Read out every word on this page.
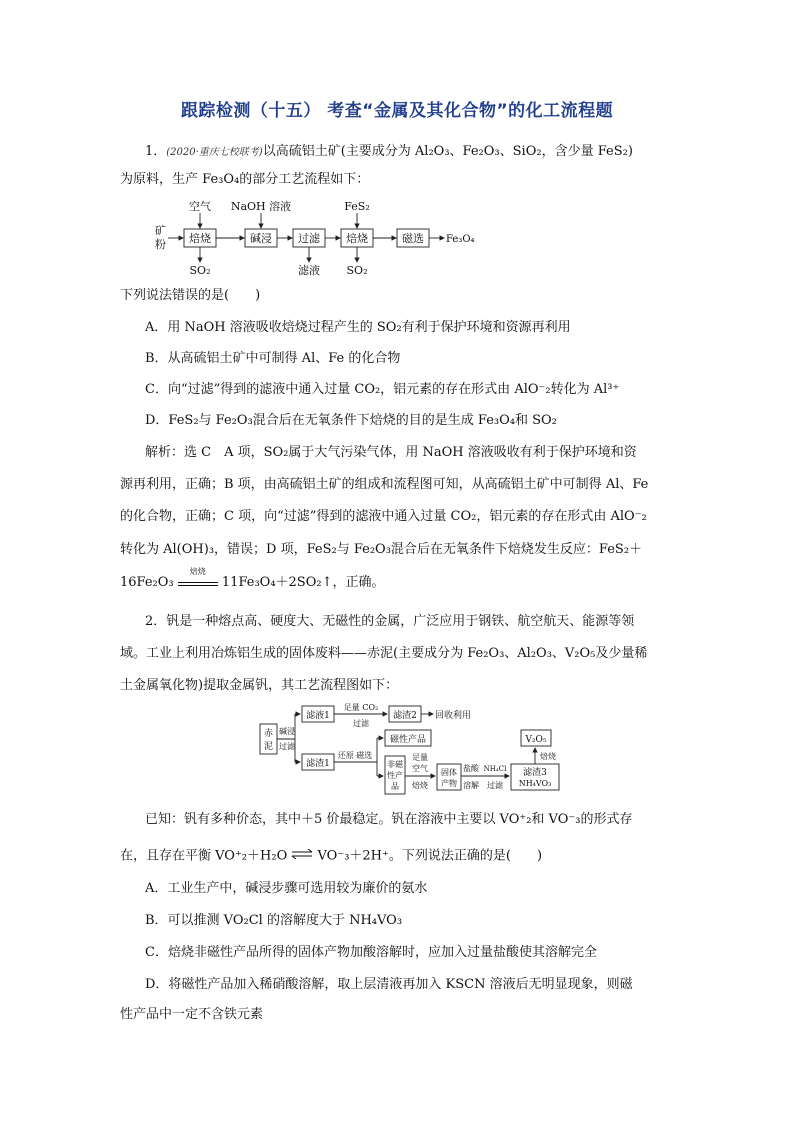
跟踪检测（十五） 考查“金属及其化合物”的化工流程题
1．(2020·重庆七校联考)以高硫铝土矿(主要成分为 Al₂O₃、Fe₂O₃、SiO₂，含少量 FeS₂)
为原料，生产 Fe₃O₄的部分工艺流程如下：
矿
粉 焙烧
空气
SO₂
碱浸
NaOH 溶液
过滤
滤液
焙烧
FeS₂
SO₂
磁选 Fe₃O₄
下列说法错误的是(　　)
A．用 NaOH 溶液吸收焙烧过程产生的 SO₂有利于保护环境和资源再利用
B．从高硫铝土矿中可制得 Al、Fe 的化合物
C．向“过滤”得到的滤液中通入过量 CO₂，铝元素的存在形式由 AlO⁻₂转化为 Al³⁺
D．FeS₂与 Fe₂O₃混合后在无氧条件下焙烧的目的是生成 Fe₃O₄和 SO₂
解析：选 C　A 项，SO₂属于大气污染气体，用 NaOH 溶液吸收有利于保护环境和资
源再利用，正确；B 项，由高硫铝土矿的组成和流程图可知，从高硫铝土矿中可制得 Al、Fe
的化合物，正确；C 项，向“过滤”得到的滤液中通入过量 CO₂，铝元素的存在形式由 AlO⁻₂
转化为 Al(OH)₃，错误；D 项，FeS₂与 Fe₂O₃混合后在无氧条件下焙烧发生反应：FeS₂＋
16Fe₂O₃
焙烧
11Fe₃O₄＋2SO₂↑，正确。
2．钒是一种熔点高、硬度大、无磁性的金属，广泛应用于钢铁、航空航天、能源等领
域。工业上利用冶炼铝生成的固体废料——赤泥(主要成分为 Fe₂O₃、Al₂O₃、V₂O₅及少量稀
土金属氧化物)提取金属钒，其工艺流程图如下：
赤
泥
碱浸
过滤
滤液1
足量 CO₂
过滤
滤渣2 回收利用
滤渣1
还原 磁选
磁性产品
非磁
性产
品
足量
空气
焙烧
固体
产物
盐酸
溶解
NH₄Cl
过滤
滤渣3
NH₄VO₃
焙烧
V₂O₅
已知：钒有多种价态，其中＋5 价最稳定。钒在溶液中主要以 VO⁺₂和 VO⁻₃的形式存
在，且存在平衡 VO⁺₂＋H₂O ⇌ VO⁻₃＋2H⁺。下列说法正确的是(　　)
A．工业生产中，碱浸步骤可选用较为廉价的氨水
B．可以推测 VO₂Cl 的溶解度大于 NH₄VO₃
C．焙烧非磁性产品所得的固体产物加酸溶解时，应加入过量盐酸使其溶解完全
D．将磁性产品加入稀硝酸溶解，取上层清液再加入 KSCN 溶液后无明显现象，则磁
性产品中一定不含铁元素
